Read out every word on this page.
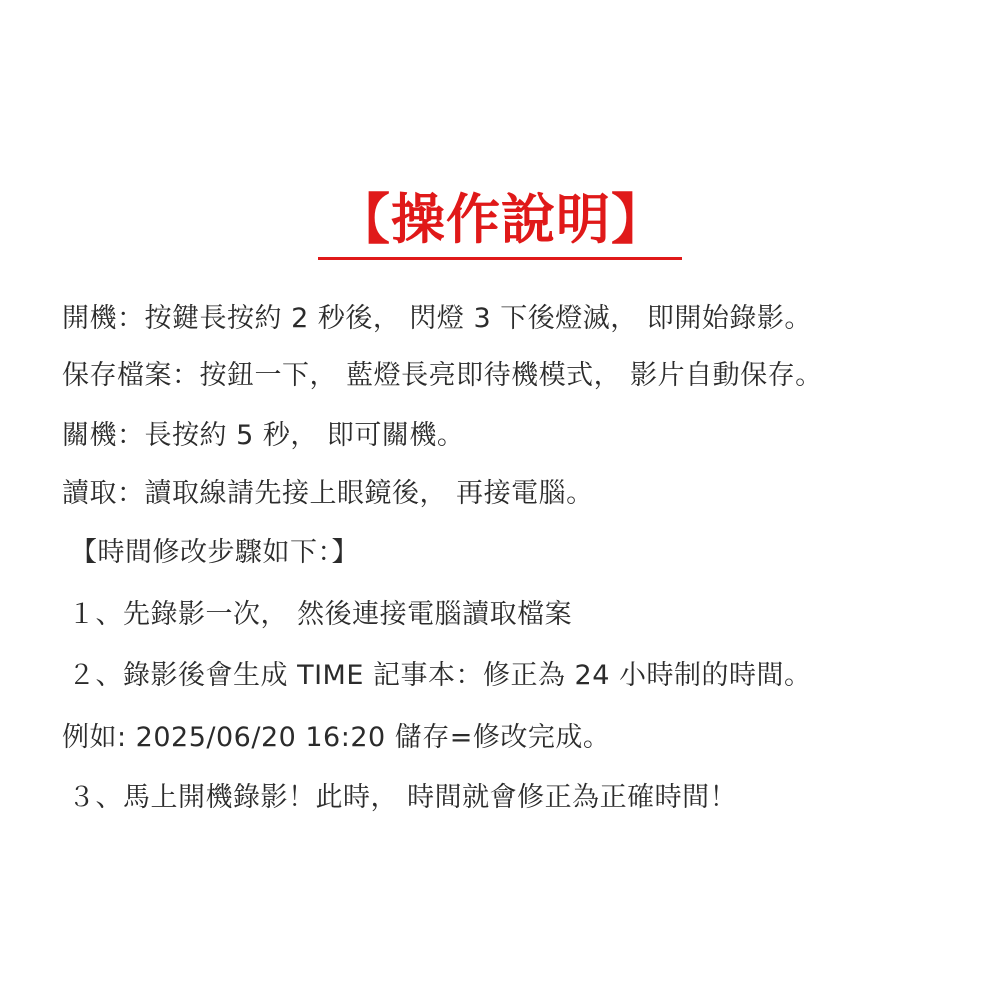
【操作說明】
開機：按鍵長按約 2 秒後， 閃燈 3 下後燈滅， 即開始錄影。
保存檔案：按鈕一下， 藍燈長亮即待機模式， 影片自動保存。
關機：長按約 5 秒， 即可關機。
讀取：讀取線請先接上眼鏡後， 再接電腦。
【時間修改步驟如下：】
１、先錄影一次， 然後連接電腦讀取檔案
２、錄影後會生成 TIME 記事本：修正為 24 小時制的時間。
例如: 2025/06/20 16:20 儲存=修改完成。
３、馬上開機錄影！此時， 時間就會修正為正確時間！
